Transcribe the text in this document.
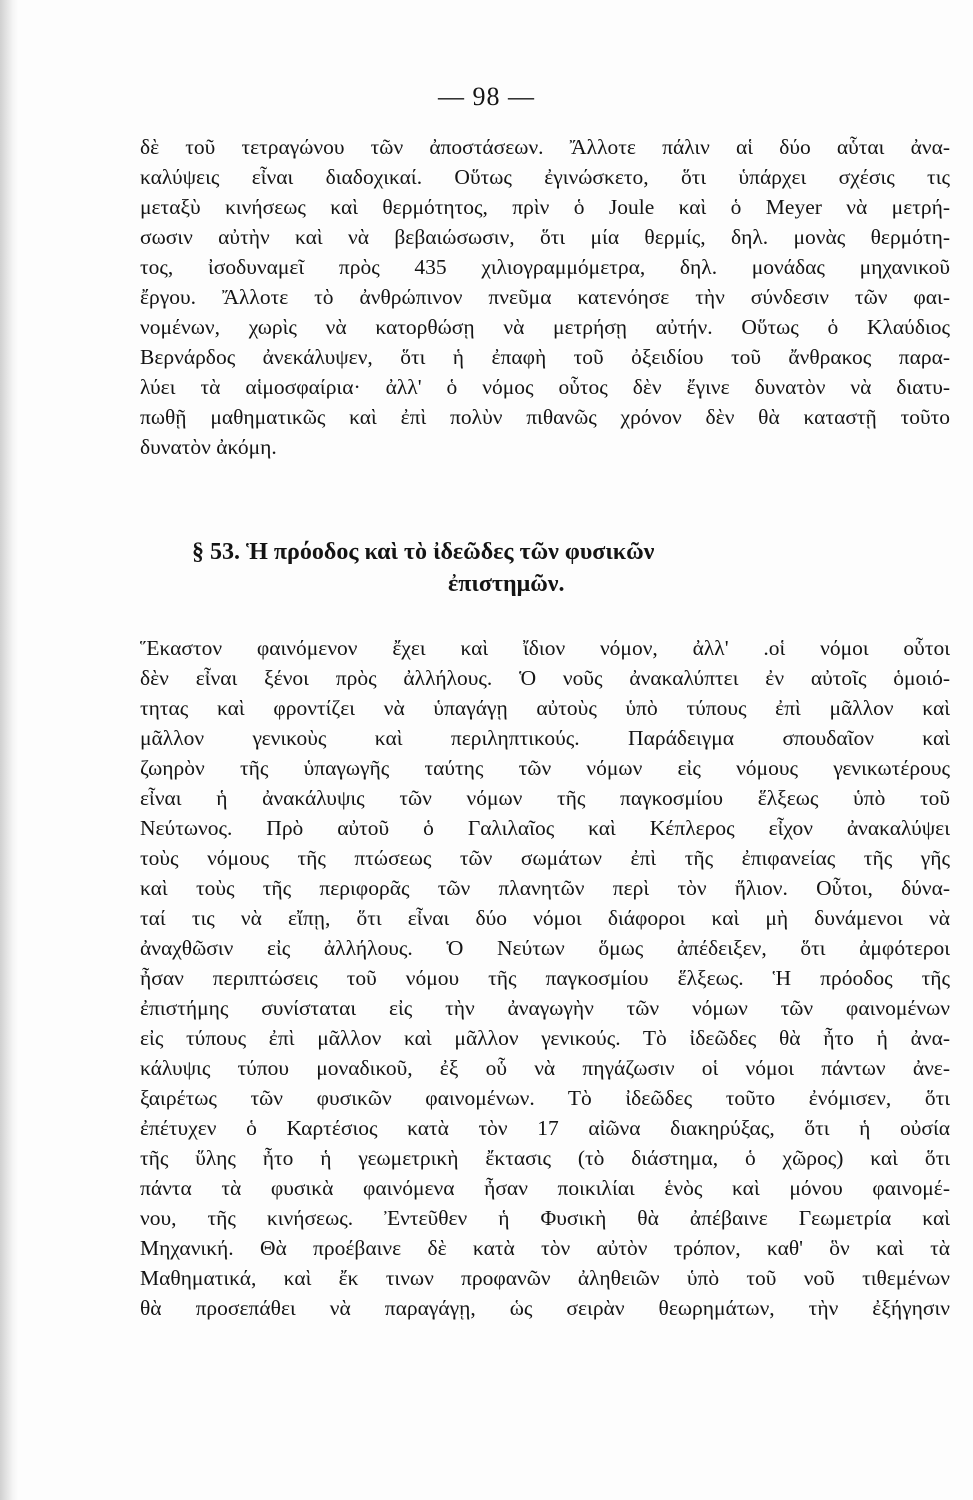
— 98 —
δὲ τοῦ τετραγώνου τῶν ἀποστάσεων. Ἄλλοτε πάλιν αἱ δύο αὗται ἀνα-
καλύψεις εἶναι διαδοχικαί. Οὕτως ἐγινώσκετο, ὅτι ὑπάρχει σχέσις τις
μεταξὺ κινήσεως καὶ θερμότητος, πρὶν ὁ Joule καὶ ὁ Meyer νὰ μετρή-
σωσιν αὐτὴν καὶ νὰ βεβαιώσωσιν, ὅτι μία θερμίς, δηλ. μονὰς θερμότη-
τος, ἰσοδυναμεῖ πρὸς 435 χιλιογραμμόμετρα, δηλ. μονάδας μηχανικοῦ
ἔργου. Ἄλλοτε τὸ ἀνθρώπινον πνεῦμα κατενόησε τὴν σύνδεσιν τῶν φαι-
νομένων, χωρὶς νὰ κατορθώσῃ νὰ μετρήσῃ αὐτήν. Οὕτως ὁ Κλαύδιος
Βερνάρδος ἀνεκάλυψεν, ὅτι ἡ ἐπαφὴ τοῦ ὀξειδίου τοῦ ἄνθρακος παρα-
λύει τὰ αἱμοσφαίρια· ἀλλ' ὁ νόμος οὗτος δὲν ἔγινε δυνατὸν νὰ διατυ-
πωθῇ μαθηματικῶς καὶ ἐπὶ πολὺν πιθανῶς χρόνον δὲν θὰ καταστῇ τοῦτο
δυνατὸν ἀκόμη.
§ 53. Ἡ πρόοδος καὶ τὸ ἰδεῶδες τῶν φυσικῶν
ἐπιστημῶν.
Ἕκαστον φαινόμενον ἔχει καὶ ἴδιον νόμον, ἀλλ' .οἱ νόμοι οὗτοι
δὲν εἶναι ξένοι πρὸς ἀλλήλους. Ὁ νοῦς ἀνακαλύπτει ἐν αὐτοῖς ὁμοιό-
τητας καὶ φροντίζει νὰ ὑπαγάγῃ αὐτοὺς ὑπὸ τύπους ἐπὶ μᾶλλον καὶ
μᾶλλον γενικοὺς καὶ περιληπτικούς. Παράδειγμα σπουδαῖον καὶ
ζωηρὸν τῆς ὑπαγωγῆς ταύτης τῶν νόμων εἰς νόμους γενικωτέρους
εἶναι ἡ ἀνακάλυψις τῶν νόμων τῆς παγκοσμίου ἕλξεως ὑπὸ τοῦ
Νεύτωνος. Πρὸ αὐτοῦ ὁ Γαλιλαῖος καὶ Κέπλερος εἶχον ἀνακαλύψει
τοὺς νόμους τῆς πτώσεως τῶν σωμάτων ἐπὶ τῆς ἐπιφανείας τῆς γῆς
καὶ τοὺς τῆς περιφορᾶς τῶν πλανητῶν περὶ τὸν ἥλιον. Οὗτοι, δύνα-
ταί τις νὰ εἴπῃ, ὅτι εἶναι δύο νόμοι διάφοροι καὶ μὴ δυνάμενοι νὰ
ἀναχθῶσιν εἰς ἀλλήλους. Ὁ Νεύτων ὅμως ἀπέδειξεν, ὅτι ἀμφότεροι
ἦσαν περιπτώσεις τοῦ νόμου τῆς παγκοσμίου ἕλξεως. Ἡ πρόοδος τῆς
ἐπιστήμης συνίσταται εἰς τὴν ἀναγωγὴν τῶν νόμων τῶν φαινομένων
εἰς τύπους ἐπὶ μᾶλλον καὶ μᾶλλον γενικούς. Τὸ ἰδεῶδες θὰ ἦτο ἡ ἀνα-
κάλυψις τύπου μοναδικοῦ, ἐξ οὗ νὰ πηγάζωσιν οἱ νόμοι πάντων ἀνε-
ξαιρέτως τῶν φυσικῶν φαινομένων. Τὸ ἰδεῶδες τοῦτο ἐνόμισεν, ὅτι
ἐπέτυχεν ὁ Καρτέσιος κατὰ τὸν 17 αἰῶνα διακηρύξας, ὅτι ἡ οὐσία
τῆς ὕλης ἦτο ἡ γεωμετρικὴ ἔκτασις (τὸ διάστημα, ὁ χῶρος) καὶ ὅτι
πάντα τὰ φυσικὰ φαινόμενα ἦσαν ποικιλίαι ἑνὸς καὶ μόνου φαινομέ-
νου, τῆς κινήσεως. Ἐντεῦθεν ἡ Φυσικὴ θὰ ἀπέβαινε Γεωμετρία καὶ
Μηχανική. Θὰ προέβαινε δὲ κατὰ τὸν αὐτὸν τρόπον, καθ' ὃν καὶ τὰ
Μαθηματικά, καὶ ἔκ τινων προφανῶν ἀληθειῶν ὑπὸ τοῦ νοῦ τιθεμένων
θὰ προσεπάθει νὰ παραγάγῃ, ὡς σειρὰν θεωρημάτων, τὴν ἐξήγησιν
